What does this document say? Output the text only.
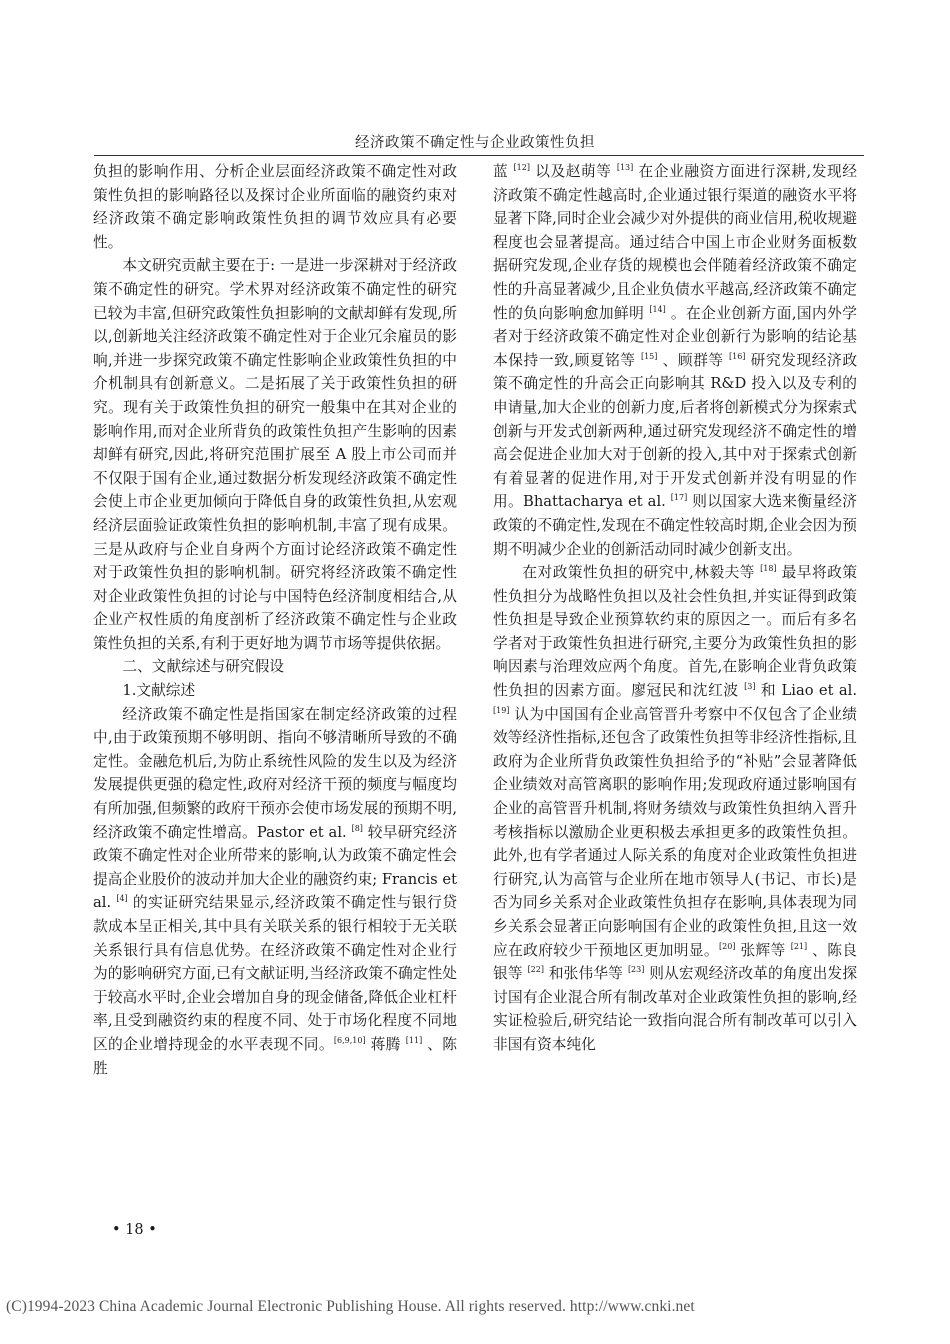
经济政策不确定性与企业政策性负担

负担的影响作用、分析企业层面经济政策不确定性对政策性负担的影响路径以及探讨企业所面临的融资约束对经济政策不确定影响政策性负担的调节效应具有必要性。

本文研究贡献主要在于: 一是进一步深耕对于经济政策不确定性的研究。学术界对经济政策不确定性的研究已较为丰富,但研究政策性负担影响的文献却鲜有发现,所以,创新地关注经济政策不确定性对于企业冗余雇员的影响,并进一步探究政策不确定性影响企业政策性负担的中介机制具有创新意义。二是拓展了关于政策性负担的研究。现有关于政策性负担的研究一般集中在其对企业的影响作用,而对企业所背负的政策性负担产生影响的因素却鲜有研究,因此,将研究范围扩展至 A 股上市公司而并不仅限于国有企业,通过数据分析发现经济政策不确定性会使上市企业更加倾向于降低自身的政策性负担,从宏观经济层面验证政策性负担的影响机制,丰富了现有成果。三是从政府与企业自身两个方面讨论经济政策不确定性对于政策性负担的影响机制。研究将经济政策不确定性对企业政策性负担的讨论与中国特色经济制度相结合,从企业产权性质的角度剖析了经济政策不确定性与企业政策性负担的关系,有利于更好地为调节市场等提供依据。

二、文献综述与研究假设

1.文献综述

经济政策不确定性是指国家在制定经济政策的过程中,由于政策预期不够明朗、指向不够清晰所导致的不确定性。金融危机后,为防止系统性风险的发生以及为经济发展提供更强的稳定性,政府对经济干预的频度与幅度均有所加强,但频繁的政府干预亦会使市场发展的预期不明,经济政策不确定性增高。Pastor et al. [8] 较早研究经济政策不确定性对企业所带来的影响,认为政策不确定性会提高企业股价的波动并加大企业的融资约束; Francis et al. [4] 的实证研究结果显示,经济政策不确定性与银行贷款成本呈正相关,其中具有关联关系的银行相较于无关联关系银行具有信息优势。在经济政策不确定性对企业行为的影响研究方面,已有文献证明,当经济政策不确定性处于较高水平时,企业会增加自身的现金储备,降低企业杠杆率,且受到融资约束的程度不同、处于市场化程度不同地区的企业增持现金的水平表现不同。[6,9,10] 蒋腾 [11] 、陈胜

蓝 [12] 以及赵萌等 [13] 在企业融资方面进行深耕,发现经济政策不确定性越高时,企业通过银行渠道的融资水平将显著下降,同时企业会减少对外提供的商业信用,税收规避程度也会显著提高。通过结合中国上市企业财务面板数据研究发现,企业存货的规模也会伴随着经济政策不确定性的升高显著减少,且企业负债水平越高,经济政策不确定性的负向影响愈加鲜明 [14] 。在企业创新方面,国内外学者对于经济政策不确定性对企业创新行为影响的结论基本保持一致,顾夏铭等 [15] 、顾群等 [16] 研究发现经济政策不确定性的升高会正向影响其 R&D 投入以及专利的申请量,加大企业的创新力度,后者将创新模式分为探索式创新与开发式创新两种,通过研究发现经济不确定性的增高会促进企业加大对于创新的投入,其中对于探索式创新有着显著的促进作用,对于开发式创新并没有明显的作用。Bhattacharya et al. [17] 则以国家大选来衡量经济政策的不确定性,发现在不确定性较高时期,企业会因为预期不明减少企业的创新活动同时减少创新支出。

在对政策性负担的研究中,林毅夫等 [18] 最早将政策性负担分为战略性负担以及社会性负担,并实证得到政策性负担是导致企业预算软约束的原因之一。而后有多名学者对于政策性负担进行研究,主要分为政策性负担的影响因素与治理效应两个角度。首先,在影响企业背负政策性负担的因素方面。廖冠民和沈红波 [3] 和 Liao et al. [19] 认为中国国有企业高管晋升考察中不仅包含了企业绩效等经济性指标,还包含了政策性负担等非经济性指标,且政府为企业所背负政策性负担给予的“补贴”会显著降低企业绩效对高管离职的影响作用;发现政府通过影响国有企业的高管晋升机制,将财务绩效与政策性负担纳入晋升考核指标以激励企业更积极去承担更多的政策性负担。此外,也有学者通过人际关系的角度对企业政策性负担进行研究,认为高管与企业所在地市领导人(书记、市长)是否为同乡关系对企业政策性负担存在影响,具体表现为同乡关系会显著正向影响国有企业的政策性负担,且这一效应在政府较少干预地区更加明显。[20] 张辉等 [21] 、陈良银等 [22] 和张伟华等 [23] 则从宏观经济改革的角度出发探讨国有企业混合所有制改革对企业政策性负担的影响,经实证检验后,研究结论一致指向混合所有制改革可以引入非国有资本纯化

• 18 •
(C)1994-2023 China Academic Journal Electronic Publishing House. All rights reserved. http://www.cnki.net
